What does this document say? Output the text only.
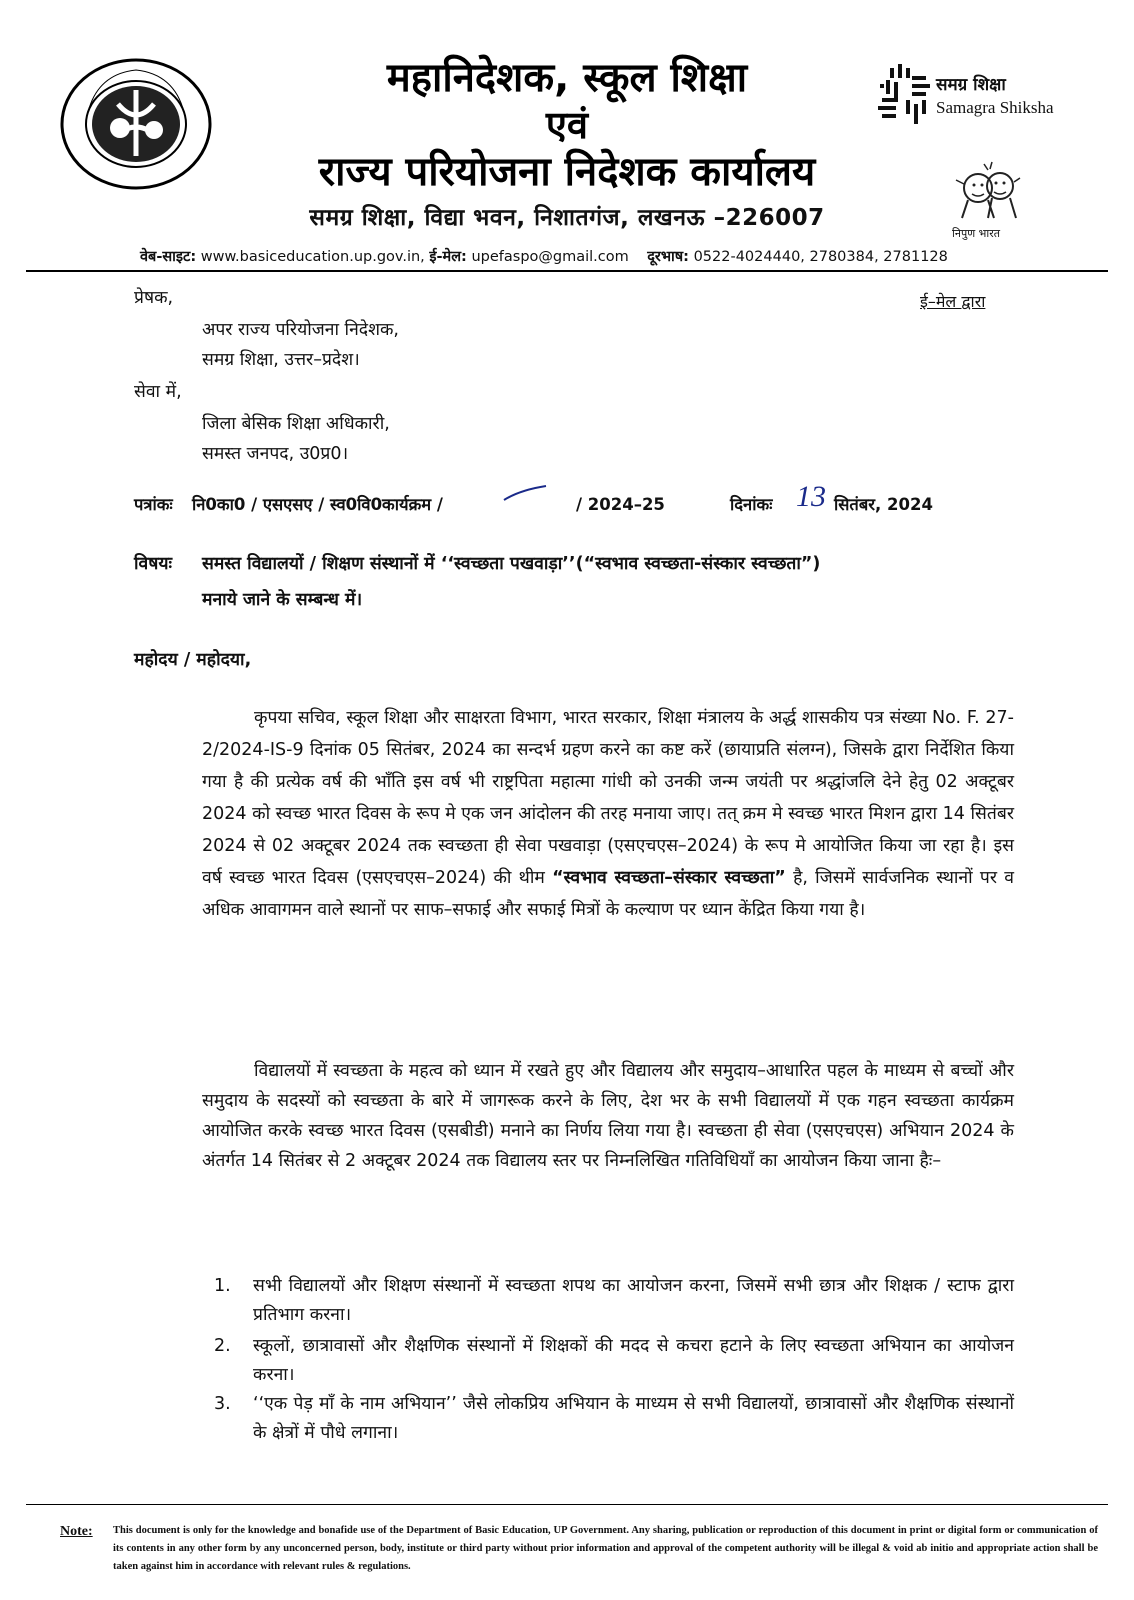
महानिदेशक, स्कूल शिक्षा
एवं
राज्य परियोजना निदेशक कार्यालय
समग्र शिक्षा
Samagra Shiksha
निपुण भारत
समग्र शिक्षा, विद्या भवन, निशातगंज, लखनऊ –226007
वेब-साइट: www.basiceducation.up.gov.in, ई-मेल: upefaspo@gmail.com दूरभाष: 0522-4024440, 2780384, 2781128
प्रेषक,	ई–मेल द्वारा
अपर राज्य परियोजना निदेशक,
समग्र शिक्षा, उत्तर–प्रदेश।
सेवा में,
जिला बेसिक शिक्षा अधिकारी,
समस्त जनपद, उ0प्र0।
पत्रांकः नि0का0 / एसएसए / स्व0वि0कार्यक्रम /	/ 2024–25	दिनांकः 13 सितंबर, 2024
विषयः समस्त विद्यालयों / शिक्षण संस्थानों में ‘‘स्वच्छता पखवाड़ा’’(“स्वभाव स्वच्छता-संस्कार स्वच्छता”)
मनाये जाने के सम्बन्ध में।
महोदय / महोदया,
कृपया सचिव, स्कूल शिक्षा और साक्षरता विभाग, भारत सरकार, शिक्षा मंत्रालय के अर्द्ध शासकीय पत्र संख्या No. F. 27-2/2024-IS-9 दिनांक 05 सितंबर, 2024 का सन्दर्भ ग्रहण करने का कष्ट करें (छायाप्रति संलग्न), जिसके द्वारा निर्देशित किया गया है की प्रत्येक वर्ष की भाँति इस वर्ष भी राष्ट्रपिता महात्मा गांधी को उनकी जन्म जयंती पर श्रद्धांजलि देने हेतु 02 अक्टूबर 2024 को स्वच्छ भारत दिवस के रूप मे एक जन आंदोलन की तरह मनाया जाए। तत् क्रम मे स्वच्छ भारत मिशन द्वारा 14 सितंबर 2024 से 02 अक्टूबर 2024 तक स्वच्छता ही सेवा पखवाड़ा (एसएचएस–2024) के रूप मे आयोजित किया जा रहा है। इस वर्ष स्वच्छ भारत दिवस (एसएचएस–2024) की थीम “स्वभाव स्वच्छता–संस्कार स्वच्छता” है, जिसमें सार्वजनिक स्थानों पर व अधिक आवागमन वाले स्थानों पर साफ–सफाई और सफाई मित्रों के कल्याण पर ध्यान केंद्रित किया गया है।
विद्यालयों में स्वच्छता के महत्व को ध्यान में रखते हुए और विद्यालय और समुदाय–आधारित पहल के माध्यम से बच्चों और समुदाय के सदस्यों को स्वच्छता के बारे में जागरूक करने के लिए, देश भर के सभी विद्यालयों में एक गहन स्वच्छता कार्यक्रम आयोजित करके स्वच्छ भारत दिवस (एसबीडी) मनाने का निर्णय लिया गया है। स्वच्छता ही सेवा (एसएचएस) अभियान 2024 के अंतर्गत 14 सितंबर से 2 अक्टूबर 2024 तक विद्यालय स्तर पर निम्नलिखित गतिविधियाँ का आयोजन किया जाना हैः–
1. सभी विद्यालयों और शिक्षण संस्थानों में स्वच्छता शपथ का आयोजन करना, जिसमें सभी छात्र और शिक्षक / स्टाफ द्वारा प्रतिभाग करना।
2. स्कूलों, छात्रावासों और शैक्षणिक संस्थानों में शिक्षकों की मदद से कचरा हटाने के लिए स्वच्छता अभियान का आयोजन करना।
3. ‘‘एक पेड़ माँ के नाम अभियान’’ जैसे लोकप्रिय अभियान के माध्यम से सभी विद्यालयों, छात्रावासों और शैक्षणिक संस्थानों के क्षेत्रों में पौधे लगाना।
Note: This document is only for the knowledge and bonafide use of the Department of Basic Education, UP Government. Any sharing, publication or reproduction of this document in print or digital form or communication of its contents in any other form by any unconcerned person, body, institute or third party without prior information and approval of the competent authority will be illegal & void ab initio and appropriate action shall be taken against him in accordance with relevant rules & regulations.
